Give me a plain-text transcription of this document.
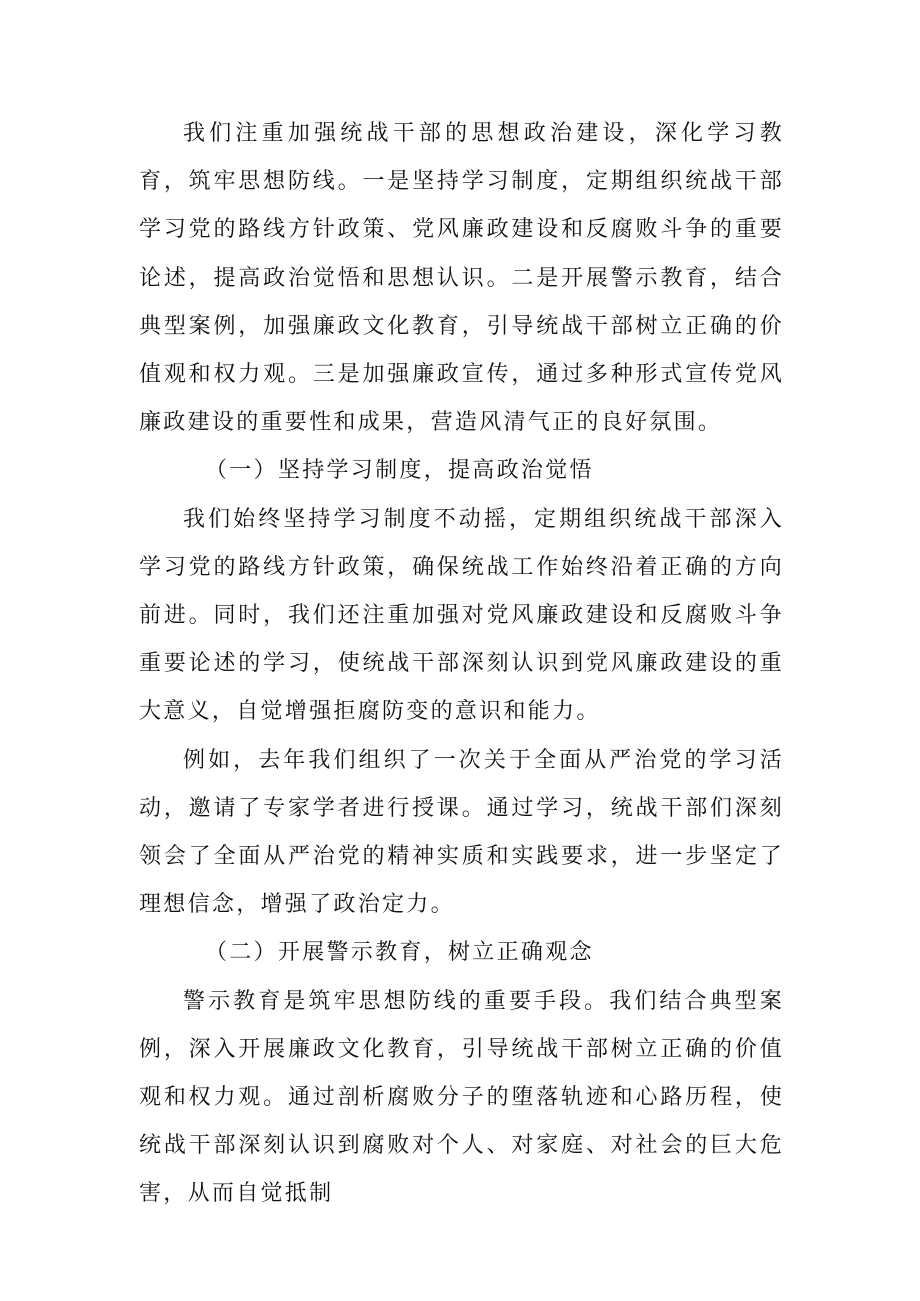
我们注重加强统战干部的思想政治建设，深化学习教育，筑牢思想防线。一是坚持学习制度，定期组织统战干部学习党的路线方针政策、党风廉政建设和反腐败斗争的重要论述，提高政治觉悟和思想认识。二是开展警示教育，结合典型案例，加强廉政文化教育，引导统战干部树立正确的价值观和权力观。三是加强廉政宣传，通过多种形式宣传党风廉政建设的重要性和成果，营造风清气正的良好氛围。

（一）坚持学习制度，提高政治觉悟

我们始终坚持学习制度不动摇，定期组织统战干部深入学习党的路线方针政策，确保统战工作始终沿着正确的方向前进。同时，我们还注重加强对党风廉政建设和反腐败斗争重要论述的学习，使统战干部深刻认识到党风廉政建设的重大意义，自觉增强拒腐防变的意识和能力。

例如，去年我们组织了一次关于全面从严治党的学习活动，邀请了专家学者进行授课。通过学习，统战干部们深刻领会了全面从严治党的精神实质和实践要求，进一步坚定了理想信念，增强了政治定力。

（二）开展警示教育，树立正确观念

警示教育是筑牢思想防线的重要手段。我们结合典型案例，深入开展廉政文化教育，引导统战干部树立正确的价值观和权力观。通过剖析腐败分子的堕落轨迹和心路历程，使统战干部深刻认识到腐败对个人、对家庭、对社会的巨大危害，从而自觉抵制
